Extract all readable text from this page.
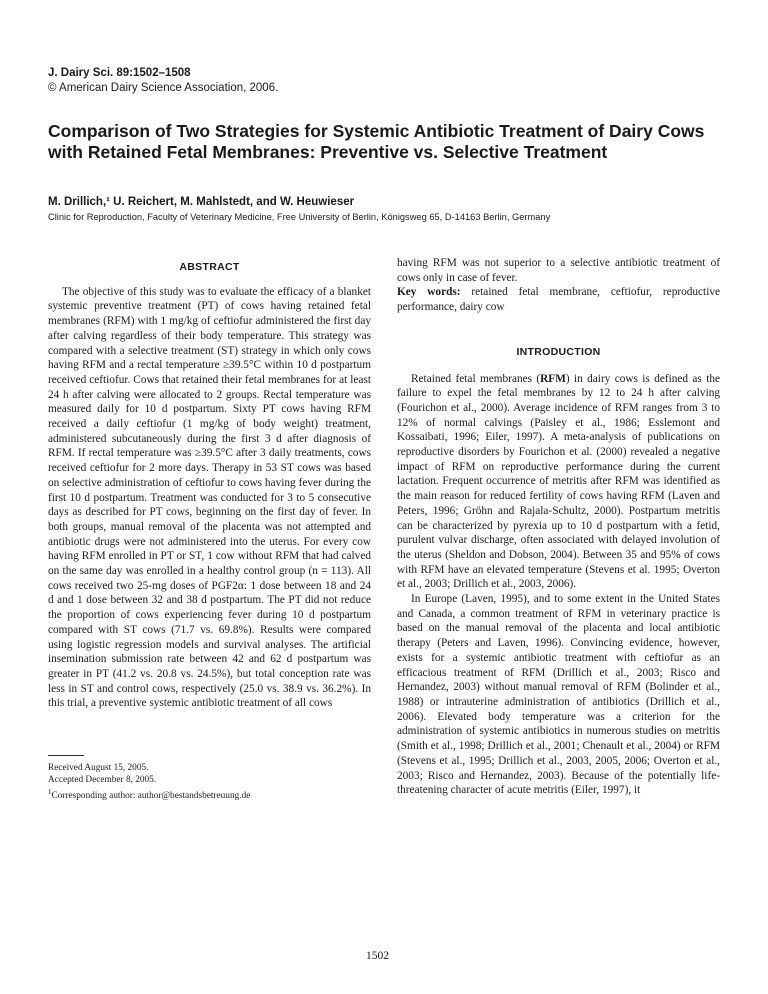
J. Dairy Sci. 89:1502–1508
© American Dairy Science Association, 2006.
Comparison of Two Strategies for Systemic Antibiotic Treatment of Dairy Cows with Retained Fetal Membranes: Preventive vs. Selective Treatment
M. Drillich,¹ U. Reichert, M. Mahlstedt, and W. Heuwieser
Clinic for Reproduction, Faculty of Veterinary Medicine, Free University of Berlin, Königsweg 65, D-14163 Berlin, Germany
ABSTRACT

The objective of this study was to evaluate the efficacy of a blanket systemic preventive treatment (PT) of cows having retained fetal membranes (RFM) with 1 mg/kg of ceftiofur administered the first day after calving regardless of their body temperature. This strategy was compared with a selective treatment (ST) strategy in which only cows having RFM and a rectal temperature ≥39.5°C within 10 d postpartum received ceftiofur. Cows that retained their fetal membranes for at least 24 h after calving were allocated to 2 groups. Rectal temperature was measured daily for 10 d postpartum. Sixty PT cows having RFM received a daily ceftiofur (1 mg/kg of body weight) treatment, administered subcutaneously during the first 3 d after diagnosis of RFM. If rectal temperature was ≥39.5°C after 3 daily treatments, cows received ceftiofur for 2 more days. Therapy in 53 ST cows was based on selective administration of ceftiofur to cows having fever during the first 10 d postpartum. Treatment was conducted for 3 to 5 consecutive days as described for PT cows, beginning on the first day of fever. In both groups, manual removal of the placenta was not attempted and antibiotic drugs were not administered into the uterus. For every cow having RFM enrolled in PT or ST, 1 cow without RFM that had calved on the same day was enrolled in a healthy control group (n = 113). All cows received two 25-mg doses of PGF2α: 1 dose between 18 and 24 d and 1 dose between 32 and 38 d postpartum. The PT did not reduce the proportion of cows experiencing fever during 10 d postpartum compared with ST cows (71.7 vs. 69.8%). Results were compared using logistic regression models and survival analyses. The artificial insemination submission rate between 42 and 62 d postpartum was greater in PT (41.2 vs. 20.8 vs. 24.5%), but total conception rate was less in ST and control cows, respectively (25.0 vs. 38.9 vs. 36.2%). In this trial, a preventive systemic antibiotic treatment of all cows

Received August 15, 2005.
Accepted December 8, 2005.
$^1$Corresponding author: author@bestandsbetreuung.de

having RFM was not superior to a selective antibiotic treatment of cows only in case of fever.

Key words: retained fetal membrane, ceftiofur, reproductive performance, dairy cow

INTRODUCTION

Retained fetal membranes (RFM) in dairy cows is defined as the failure to expel the fetal membranes by 12 to 24 h after calving (Fourichon et al., 2000). Average incidence of RFM ranges from 3 to 12% of normal calvings (Paisley et al., 1986; Esslemont and Kossaibati, 1996; Eiler, 1997). A meta-analysis of publications on reproductive disorders by Fourichon et al. (2000) revealed a negative impact of RFM on reproductive performance during the current lactation. Frequent occurrence of metritis after RFM was identified as the main reason for reduced fertility of cows having RFM (Laven and Peters, 1996; Gröhn and Rajala-Schultz, 2000). Postpartum metritis can be characterized by pyrexia up to 10 d postpartum with a fetid, purulent vulvar discharge, often associated with delayed involution of the uterus (Sheldon and Dobson, 2004). Between 35 and 95% of cows with RFM have an elevated temperature (Stevens et al. 1995; Overton et al., 2003; Drillich et al., 2003, 2006).

In Europe (Laven, 1995), and to some extent in the United States and Canada, a common treatment of RFM in veterinary practice is based on the manual removal of the placenta and local antibiotic therapy (Peters and Laven, 1996). Convincing evidence, however, exists for a systemic antibiotic treatment with ceftiofur as an efficacious treatment of RFM (Drillich et al., 2003; Risco and Hernandez, 2003) without manual removal of RFM (Bolinder et al., 1988) or intrauterine administration of antibiotics (Drillich et al., 2006). Elevated body temperature was a criterion for the administration of systemic antibiotics in numerous studies on metritis (Smith et al., 1998; Drillich et al., 2001; Chenault et al., 2004) or RFM (Stevens et al., 1995; Drillich et al., 2003, 2005, 2006; Overton et al., 2003; Risco and Hernandez, 2003). Because of the potentially life-threatening character of acute metritis (Eiler, 1997), it

1502
